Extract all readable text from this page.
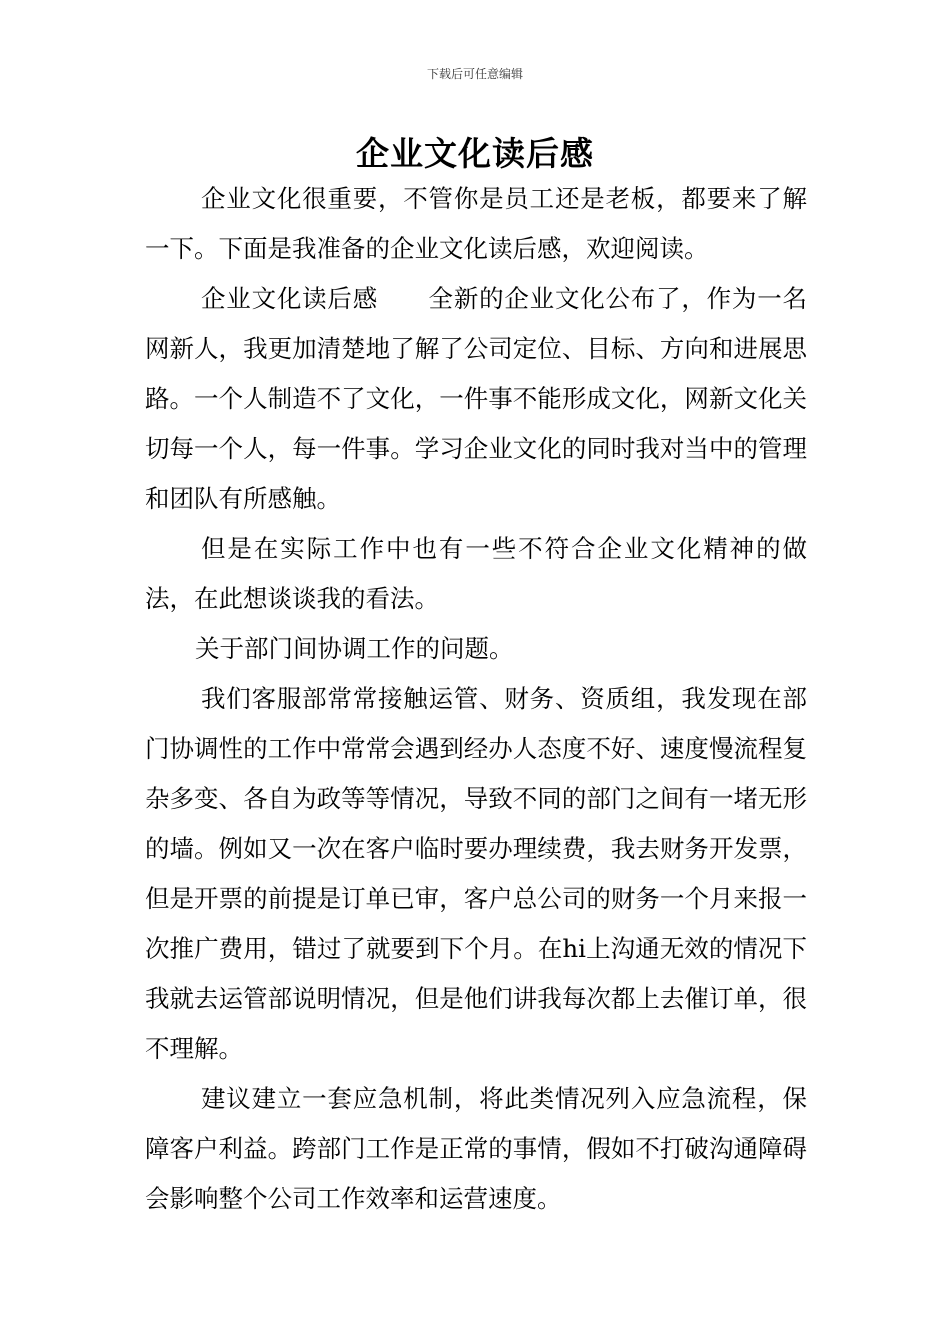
下载后可任意编辑
企业文化读后感

企业文化很重要，不管你是员工还是老板，都要来了解一下。下面是我准备的企业文化读后感，欢迎阅读。

企业文化读后感　　全新的企业文化公布了，作为一名网新人，我更加清楚地了解了公司定位、目标、方向和进展思路。一个人制造不了文化，一件事不能形成文化，网新文化关切每一个人，每一件事。学习企业文化的同时我对当中的管理和团队有所感触。

但是在实际工作中也有一些不符合企业文化精神的做法，在此想谈谈我的看法。

关于部门间协调工作的问题。

我们客服部常常接触运管、财务、资质组，我发现在部门协调性的工作中常常会遇到经办人态度不好、速度慢流程复杂多变、各自为政等等情况，导致不同的部门之间有一堵无形的墙。例如又一次在客户临时要办理续费，我去财务开发票，但是开票的前提是订单已审，客户总公司的财务一个月来报一次推广费用，错过了就要到下个月。在hi上沟通无效的情况下我就去运管部说明情况，但是他们讲我每次都上去催订单，很不理解。

建议建立一套应急机制，将此类情况列入应急流程，保障客户利益。跨部门工作是正常的事情，假如不打破沟通障碍会影响整个公司工作效率和运营速度。
